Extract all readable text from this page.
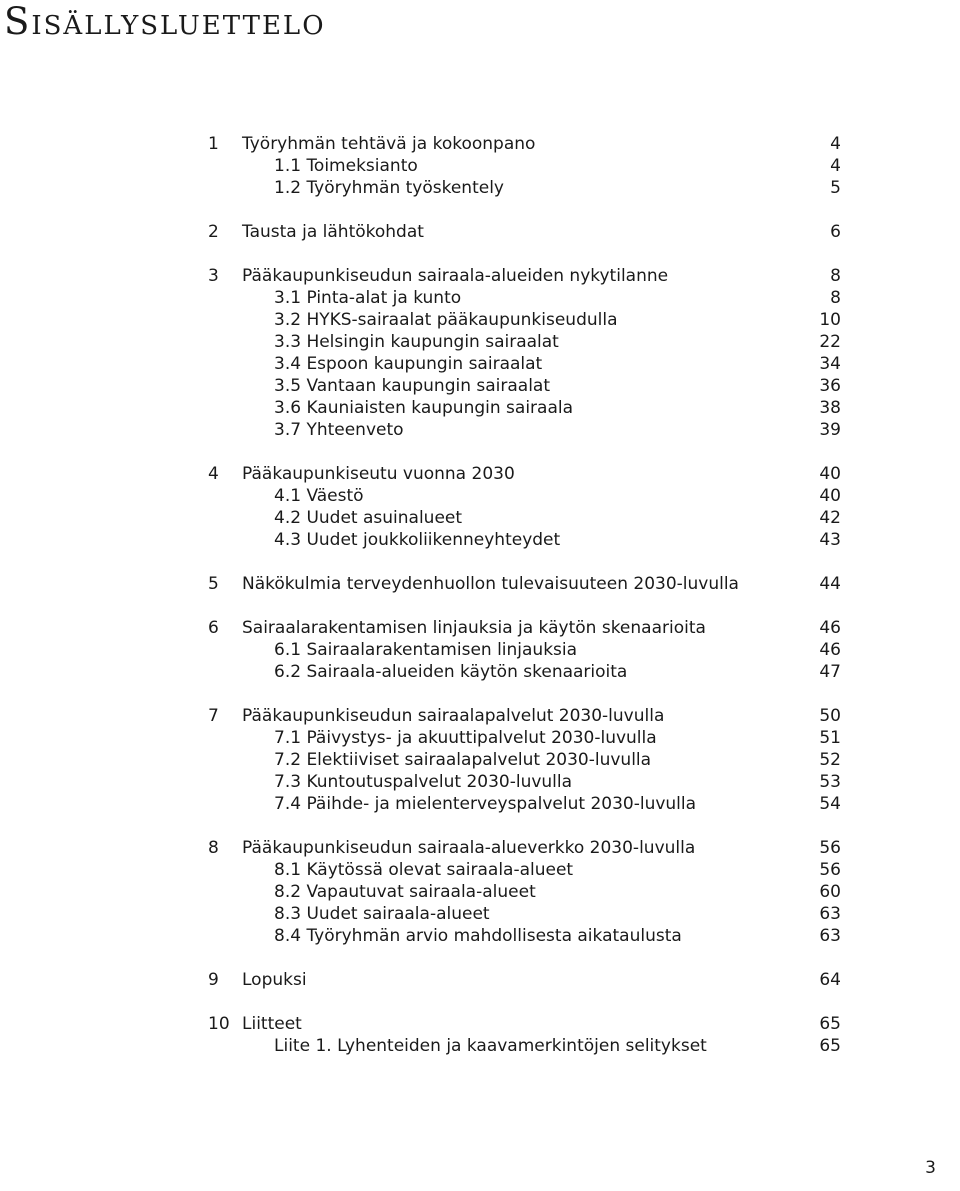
Sisällysluettelo
1 Työryhmän tehtävä ja kokoonpano	4
1.1 Toimeksianto	4
1.2 Työryhmän työskentely	5
2 Tausta ja lähtökohdat	6
3 Pääkaupunkiseudun sairaala-alueiden nykytilanne	8
3.1 Pinta-alat ja kunto	8
3.2 HYKS-sairaalat pääkaupunkiseudulla	10
3.3 Helsingin kaupungin sairaalat	22
3.4 Espoon kaupungin sairaalat	34
3.5 Vantaan kaupungin sairaalat	36
3.6 Kauniaisten kaupungin sairaala	38
3.7 Yhteenveto	39
4 Pääkaupunkiseutu vuonna 2030	40
4.1 Väestö	40
4.2 Uudet asuinalueet	42
4.3 Uudet joukkoliikenneyhteydet	43
5 Näkökulmia terveydenhuollon tulevaisuuteen 2030-luvulla	44
6 Sairaalarakentamisen linjauksia ja käytön skenaarioita	46
6.1 Sairaalarakentamisen linjauksia	46
6.2 Sairaala-alueiden käytön skenaarioita	47
7 Pääkaupunkiseudun sairaalapalvelut 2030-luvulla	50
7.1 Päivystys- ja akuuttipalvelut 2030-luvulla	51
7.2 Elektiiviset sairaalapalvelut 2030-luvulla	52
7.3 Kuntoutuspalvelut 2030-luvulla	53
7.4 Päihde- ja mielenterveyspalvelut 2030-luvulla	54
8 Pääkaupunkiseudun sairaala-alueverkko 2030-luvulla	56
8.1 Käytössä olevat sairaala-alueet	56
8.2 Vapautuvat sairaala-alueet	60
8.3 Uudet sairaala-alueet	63
8.4 Työryhmän arvio mahdollisesta aikataulusta	63
9 Lopuksi	64
10 Liitteet	65
Liite 1. Lyhenteiden ja kaavamerkintöjen selitykset	65
3
